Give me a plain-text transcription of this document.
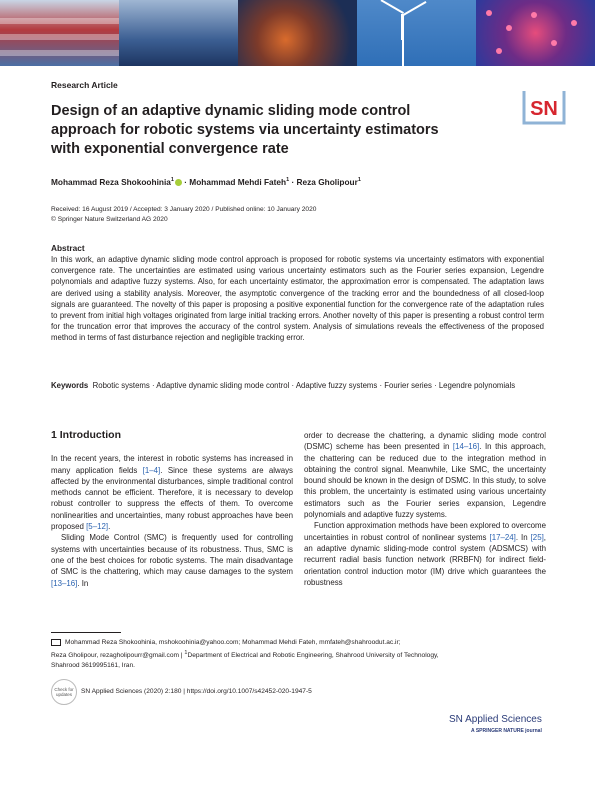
Research Article
Design of an adaptive dynamic sliding mode control approach for robotic systems via uncertainty estimators with exponential convergence rate
SN
Mohammad Reza Shokoohinia$^1$ · Mohammad Mehdi Fateh$^1$ · Reza Gholipour$^1$
Received: 16 August 2019 / Accepted: 3 January 2020 / Published online: 10 January 2020
© Springer Nature Switzerland AG 2020
Abstract
In this work, an adaptive dynamic sliding mode control approach is proposed for robotic systems via uncertainty estimators with exponential convergence rate. The uncertainties are estimated using various uncertainty estimators such as the Fourier series expansion, Legendre polynomials and adaptive fuzzy systems. Also, for each uncertainty estimator, the approximation error is compensated. The adaptation laws are derived using a stability analysis. Moreover, the asymptotic convergence of the tracking error and the boundedness of all closed-loop signals are guaranteed. The novelty of this paper is proposing a positive exponential function for the convergence rate of the adaptation rules to prevent from initial high voltages originated from large initial tracking errors. Another novelty of this paper is presenting a robust control term for the truncation error that improves the accuracy of the control system. Analysis of simulations reveals the effectiveness of the proposed method in terms of fast disturbance rejection and negligible tracking error.
Keywords Robotic systems · Adaptive dynamic sliding mode control · Adaptive fuzzy systems · Fourier series · Legendre polynomials
1 Introduction

In the recent years, the interest in robotic systems has increased in many application fields [1–4]. Since these systems are always affected by the environmental disturbances, simple traditional control methods cannot be efficient. Therefore, it is necessary to develop robust controller to suppress the effects of them. To overcome nonlinearities and uncertainties, many robust approaches have been proposed [5–12].

Sliding Mode Control (SMC) is frequently used for controlling systems with uncertainties because of its robustness. Thus, SMC is one of the best choices for robotic systems. The main disadvantage of SMC is the chattering, which may cause damages to the system [13–16]. In

order to decrease the chattering, a dynamic sliding mode control (DSMC) scheme has been presented in [14–16]. In this approach, the chattering can be reduced due to the integration method in obtaining the control signal. Meanwhile, Like SMC, the uncertainty bound should be known in the design of DSMC. In this study, to solve this problem, the uncertainty is estimated using various uncertainty estimators such as the Fourier series expansion, Legendre polynomials and adaptive fuzzy systems.

Function approximation methods have been explored to overcome uncertainties in robust control of nonlinear systems [17–24]. In [25], an adaptive dynamic sliding-mode control system (ADSMCS) with recurrent radial basis function network (RRBFN) for indirect field-orientation control induction motor (IM) drive which guarantees the robustness

Mohammad Reza Shokoohinia, mshokoohinia@yahoo.com; Mohammad Mehdi Fateh, mmfateh@shahroodut.ac.ir;
Reza Gholipour, rezagholipourr@gmail.com | $^1$Department of Electrical and Robotic Engineering, Shahrood University of Technology,
Shahrood 3619995161, Iran.
Check for updates	SN Applied Sciences (2020) 2:180 | https://doi.org/10.1007/s42452-020-1947-5
SN Applied Sciences
A SPRINGER NATURE journal
